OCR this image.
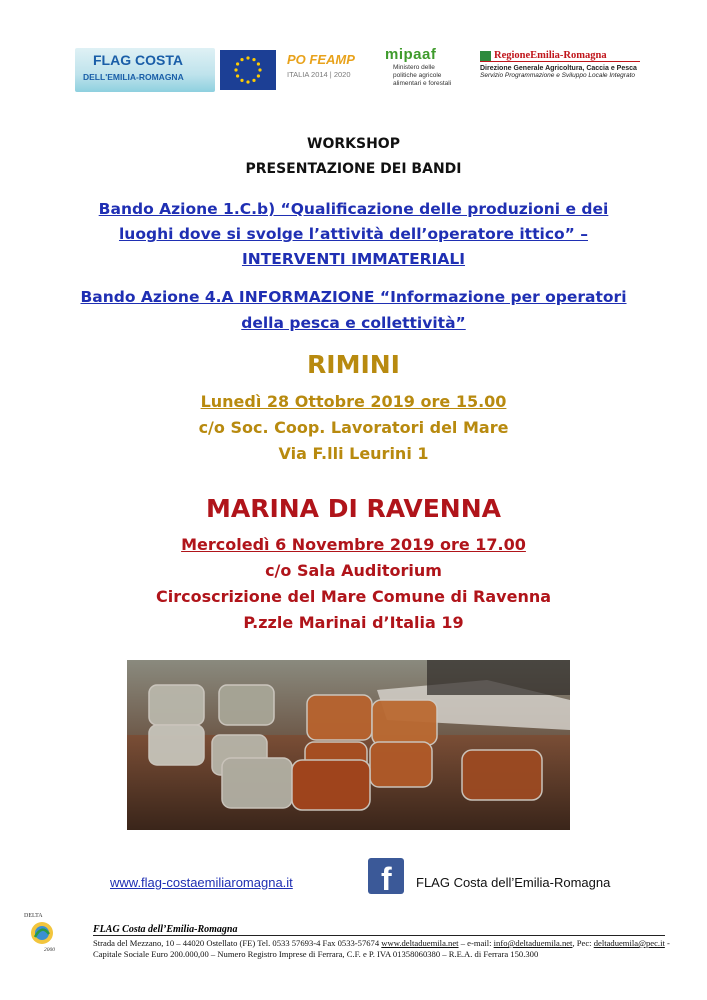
FLAG COSTA
DELL'EMILIA-ROMAGNA
PO FEAMP
ITALIA 2014 | 2020
mipaaf
Ministero delle politiche agricole alimentari e forestali
RegioneEmilia-Romagna
Direzione Generale Agricoltura, Caccia e Pesca
Servizio Programmazione e Sviluppo Locale Integrato
WORKSHOP
PRESENTAZIONE DEI BANDI
Bando Azione 1.C.b) “Qualificazione delle produzioni e dei
luoghi dove si svolge l’attività dell’operatore ittico” –
INTERVENTI IMMATERIALI
Bando Azione 4.A INFORMAZIONE “Informazione per operatori
della pesca e collettività”
RIMINI
Lunedì 28 Ottobre 2019 ore 15.00
c/o Soc. Coop. Lavoratori del Mare
Via F.lli Leurini 1
MARINA DI RAVENNA
Mercoledì 6 Novembre 2019 ore 17.00
c/o Sala Auditorium
Circoscrizione del Mare Comune di Ravenna
P.zzle Marinai d’Italia 19
www.flag-costaemiliaromagna.it	f FLAG Costa dell’Emilia-Romagna
DELTA
2000
FLAG Costa dell’Emilia-Romagna
Strada del Mezzano, 10 – 44020 Ostellato (FE) Tel. 0533 57693-4 Fax 0533-57674 www.deltaduemila.net – e-mail: info@deltaduemila.net, Pec: deltaduemila@pec.it - Capitale Sociale Euro 200.000,00 – Numero Registro Imprese di Ferrara, C.F. e P. IVA 01358060380 – R.E.A. di Ferrara 150.300
